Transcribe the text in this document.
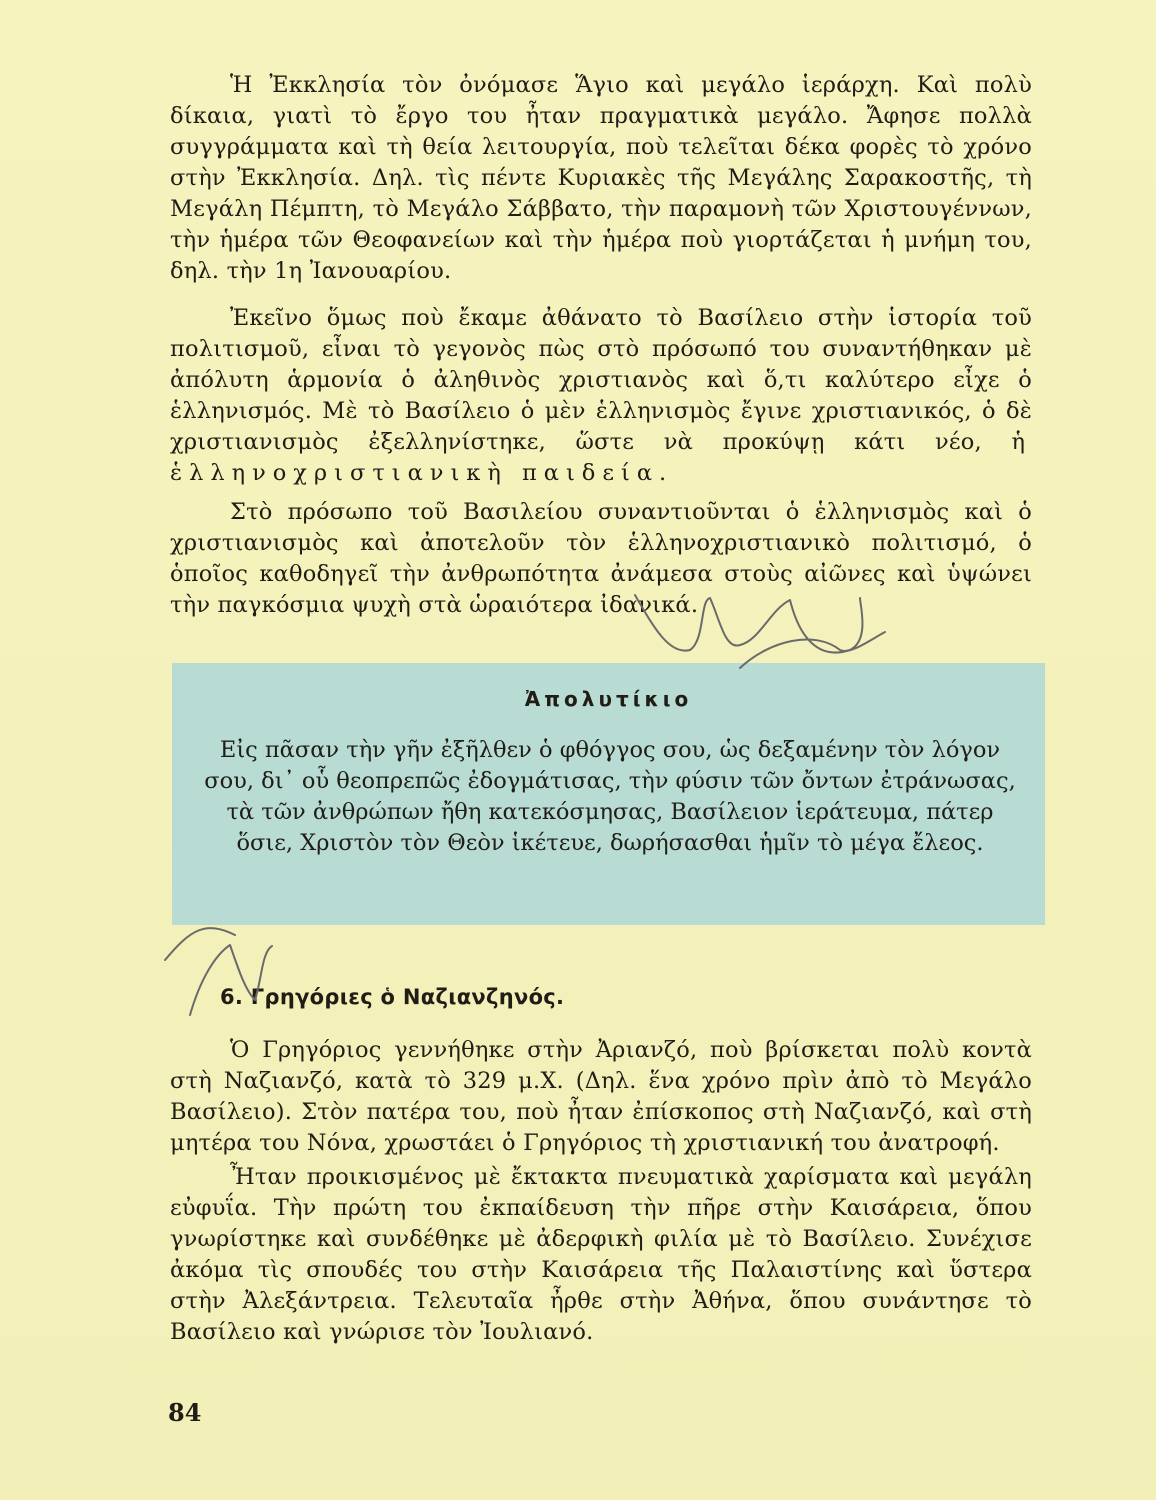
Ἡ Ἐκκλησία τὸν ὀνόμασε Ἅγιο καὶ μεγάλο ἱεράρχη. Καὶ πολὺ δίκαια, γιατὶ τὸ ἔργο του ἦταν πραγματικὰ μεγάλο. Ἄφησε πολλὰ συγγράμματα καὶ τὴ θεία λειτουργία, ποὺ τελεῖται δέκα φορὲς τὸ χρόνο στὴν Ἐκκλησία. Δηλ. τὶς πέντε Κυριακὲς τῆς Μεγάλης Σαρακοστῆς, τὴ Μεγάλη Πέμπτη, τὸ Μεγάλο Σάββατο, τὴν παραμονὴ τῶν Χριστουγέννων, τὴν ἡμέρα τῶν Θεοφανείων καὶ τὴν ἡμέρα ποὺ γιορτάζεται ἡ μνήμη του, δηλ. τὴν 1η Ἰανουαρίου.
Ἐκεῖνο ὅμως ποὺ ἔκαμε ἀθάνατο τὸ Βασίλειο στὴν ἱστορία τοῦ πολιτισμοῦ, εἶναι τὸ γεγονὸς πὼς στὸ πρόσωπό του συναντήθηκαν μὲ ἀπόλυτη ἁρμονία ὁ ἀληθινὸς χριστιανὸς καὶ ὅ,τι καλύτερο εἶχε ὁ ἑλληνισμός. Μὲ τὸ Βασίλειο ὁ μὲν ἑλληνισμὸς ἔγινε χριστιανικός, ὁ δὲ χριστιανισμὸς ἐξελληνίστηκε, ὥστε νὰ προκύψῃ κάτι νέο, ἡ ἑλληνοχριστιανικὴ παιδεία.
Στὸ πρόσωπο τοῦ Βασιλείου συναντιοῦνται ὁ ἑλληνισμὸς καὶ ὁ χριστιανισμὸς καὶ ἀποτελοῦν τὸν ἑλληνοχριστιανικὸ πολιτισμό, ὁ ὁποῖος καθοδηγεῖ τὴν ἀνθρωπότητα ἀνάμεσα στοὺς αἰῶνες καὶ ὑψώνει τὴν παγκόσμια ψυχὴ στὰ ὡραιότερα ἰδανικά.
Ἀπολυτίκιο

Εἰς πᾶσαν τὴν γῆν ἐξῆλθεν ὁ φθόγγος σου, ὡς δεξαμένην τὸν λόγον σου, δι᾿ οὗ θεοπρεπῶς ἐδογμάτισας, τὴν φύσιν τῶν ὄντων ἐτράνωσας, τὰ τῶν ἀνθρώπων ἤθη κατεκόσμησας, Βασίλειον ἱεράτευμα, πάτερ ὅσιε, Χριστὸν τὸν Θεὸν ἱκέτευε, δωρήσασθαι ἡμῖν τὸ μέγα ἔλεος.

6. Γρηγόριες ὁ Ναζιανζηνός.
Ὁ Γρηγόριος γεννήθηκε στὴν Ἀριανζό, ποὺ βρίσκεται πολὺ κοντὰ στὴ Ναζιανζό, κατὰ τὸ 329 μ.Χ. (Δηλ. ἕνα χρόνο πρὶν ἀπὸ τὸ Μεγάλο Βασίλειο). Στὸν πατέρα του, ποὺ ἦταν ἐπίσκοπος στὴ Ναζιανζό, καὶ στὴ μητέρα του Νόνα, χρωστάει ὁ Γρηγόριος τὴ χριστιανική του ἀνατροφή.
Ἦταν προικισμένος μὲ ἔκτακτα πνευματικὰ χαρίσματα καὶ μεγάλη εὐφυΐα. Τὴν πρώτη του ἐκπαίδευση τὴν πῆρε στὴν Καισάρεια, ὅπου γνωρίστηκε καὶ συνδέθηκε μὲ ἀδερφικὴ φιλία μὲ τὸ Βασίλειο. Συνέχισε ἀκόμα τὶς σπουδές του στὴν Καισάρεια τῆς Παλαιστίνης καὶ ὕστερα στὴν Ἀλεξάντρεια. Τελευταῖα ἦρθε στὴν Ἀθήνα, ὅπου συνάντησε τὸ Βασίλειο καὶ γνώρισε τὸν Ἰουλιανό.

84
